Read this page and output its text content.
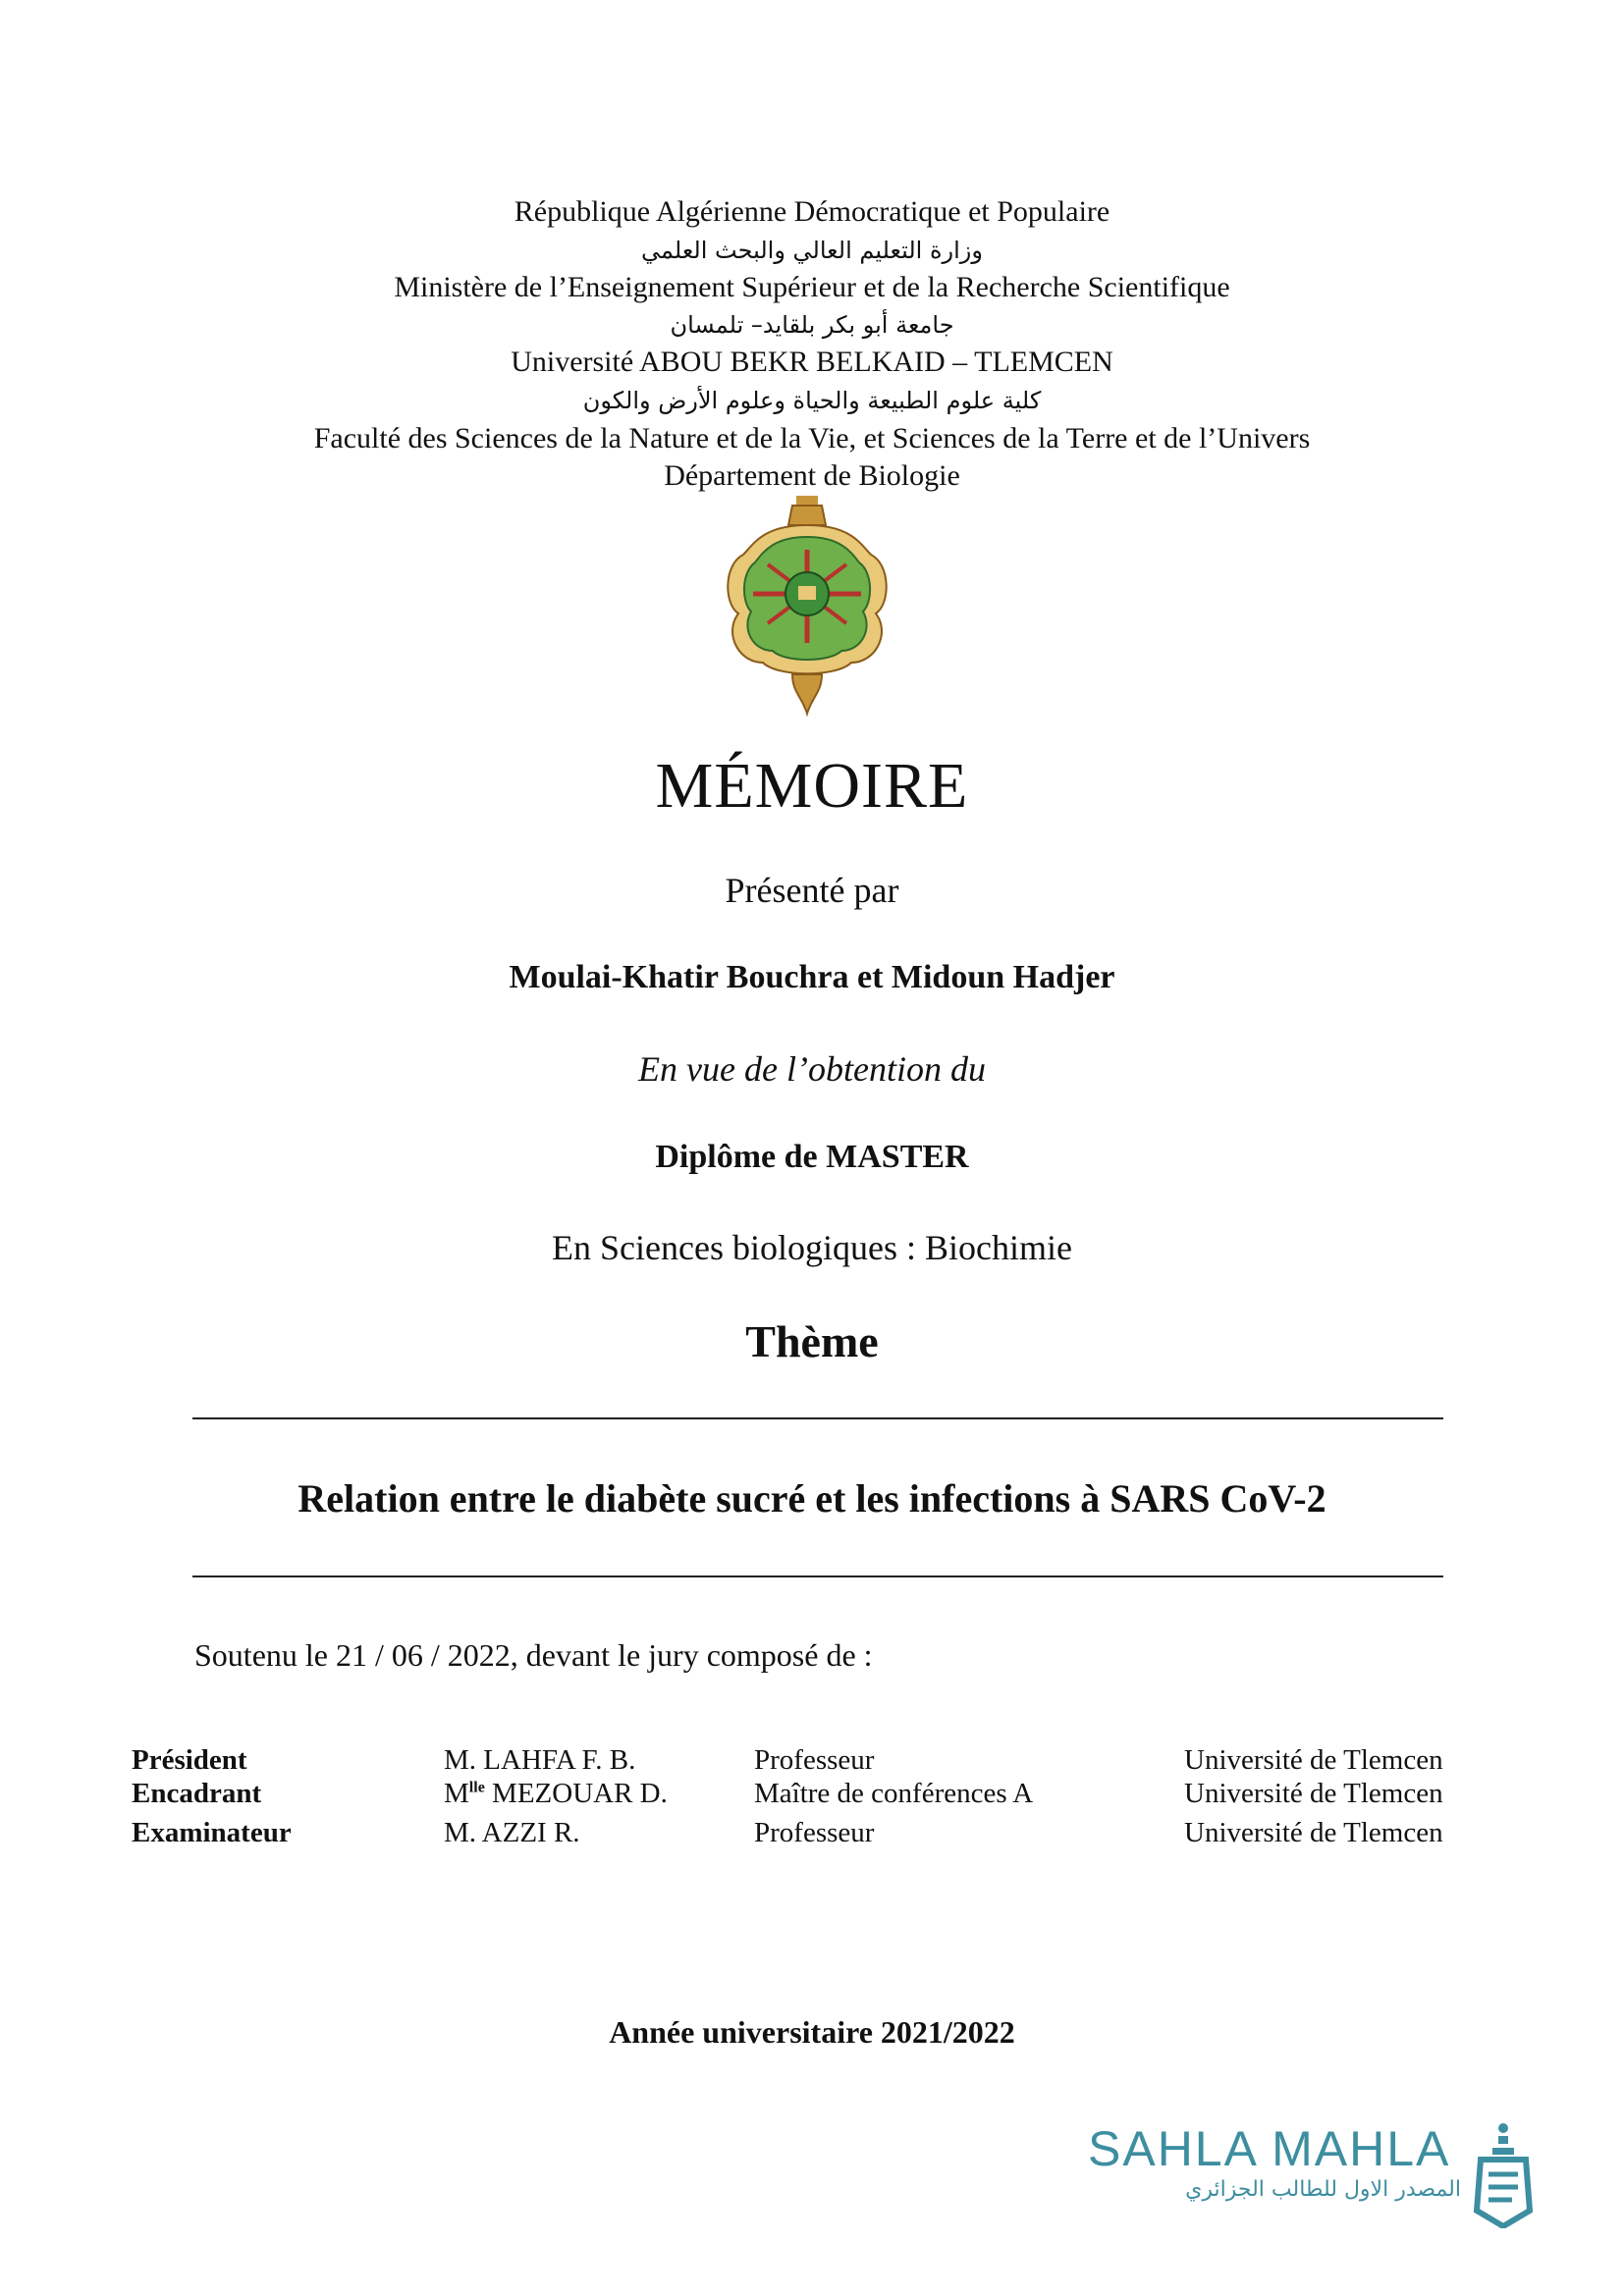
République Algérienne Démocratique et Populaire
وزارة التعليم العالي والبحث العلمي
Ministère de l’Enseignement Supérieur et de la Recherche Scientifique
جامعة أبو بكر بلقايد– تلمسان
Université ABOU BEKR BELKAID – TLEMCEN
كلية علوم الطبيعة والحياة وعلوم الأرض والكون
Faculté des Sciences de la Nature et de la Vie, et Sciences de la Terre et de l’Univers
Département de Biologie
MÉMOIRE
Présenté par
Moulai-Khatir Bouchra et Midoun Hadjer
En vue de l’obtention du
Diplôme de MASTER
En Sciences biologiques : Biochimie
Thème
Relation entre le diabète sucré et les infections à SARS CoV-2
Soutenu le 21 / 06 / 2022, devant le jury composé de :
Président	M. LAHFA F. B.	Professeur	Université de Tlemcen
Encadrant	$M^{lle}$ MEZOUAR D.	Maître de conférences A	Université de Tlemcen
Examinateur	M. AZZI R.	Professeur	Université de Tlemcen
Année universitaire 2021/2022
SAHLA MAHLA
المصدر الاول للطالب الجزائري
